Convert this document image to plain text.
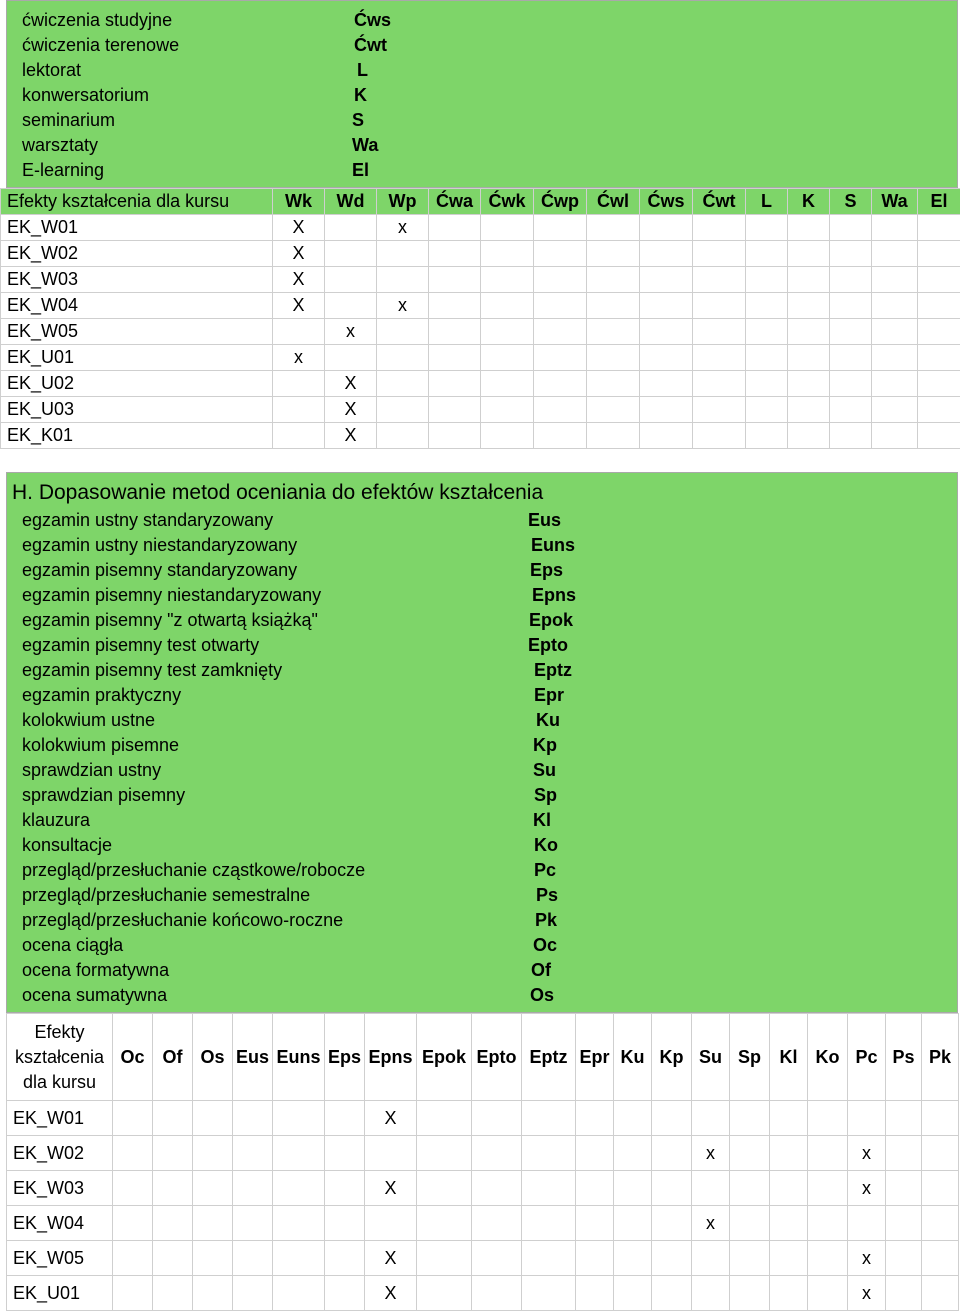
ćwiczenia studyjne	Ćws
ćwiczenia terenowe	Ćwt
lektorat	L
konwersatorium	K
seminarium	S
warsztaty	Wa
E-learning	El
Efekty kształcenia dla kursu	Wk	Wd	Wp	Ćwa	Ćwk	Ćwp	Ćwl	Ćws	Ćwt	L	K	S	Wa	El
EK_W01	X		x											
EK_W02	X													
EK_W03	X													
EK_W04	X		x											
EK_W05		x												
EK_U01	x													
EK_U02		X												
EK_U03		X												
EK_K01		X												
H. Dopasowanie metod oceniania do efektów kształcenia
egzamin ustny standaryzowany	Eus
egzamin ustny niestandaryzowany	Euns
egzamin pisemny standaryzowany	Eps
egzamin pisemny niestandaryzowany	Epns
egzamin pisemny "z otwartą książką"	Epok
egzamin pisemny test otwarty	Epto
egzamin pisemny test zamknięty	Eptz
egzamin praktyczny	Epr
kolokwium ustne	Ku
kolokwium pisemne	Kp
sprawdzian ustny	Su
sprawdzian pisemny	Sp
klauzura	Kl
konsultacje	Ko
przegląd/przesłuchanie cząstkowe/robocze	Pc
przegląd/przesłuchanie semestralne	Ps
przegląd/przesłuchanie końcowo-roczne	Pk
ocena ciągła	Oc
ocena formatywna	Of
ocena sumatywna	Os
Efekty
kształcenia
dla kursu	Oc	Of	Os	Eus	Euns	Eps	Epns	Epok	Epto	Eptz	Epr	Ku	Kp	Su	Sp	Kl	Ko	Pc	Ps	Pk
EK_W01							X													
EK_W02														x				x		
EK_W03							X											x		
EK_W04														x						
EK_W05							X											x		
EK_U01							X											x		
